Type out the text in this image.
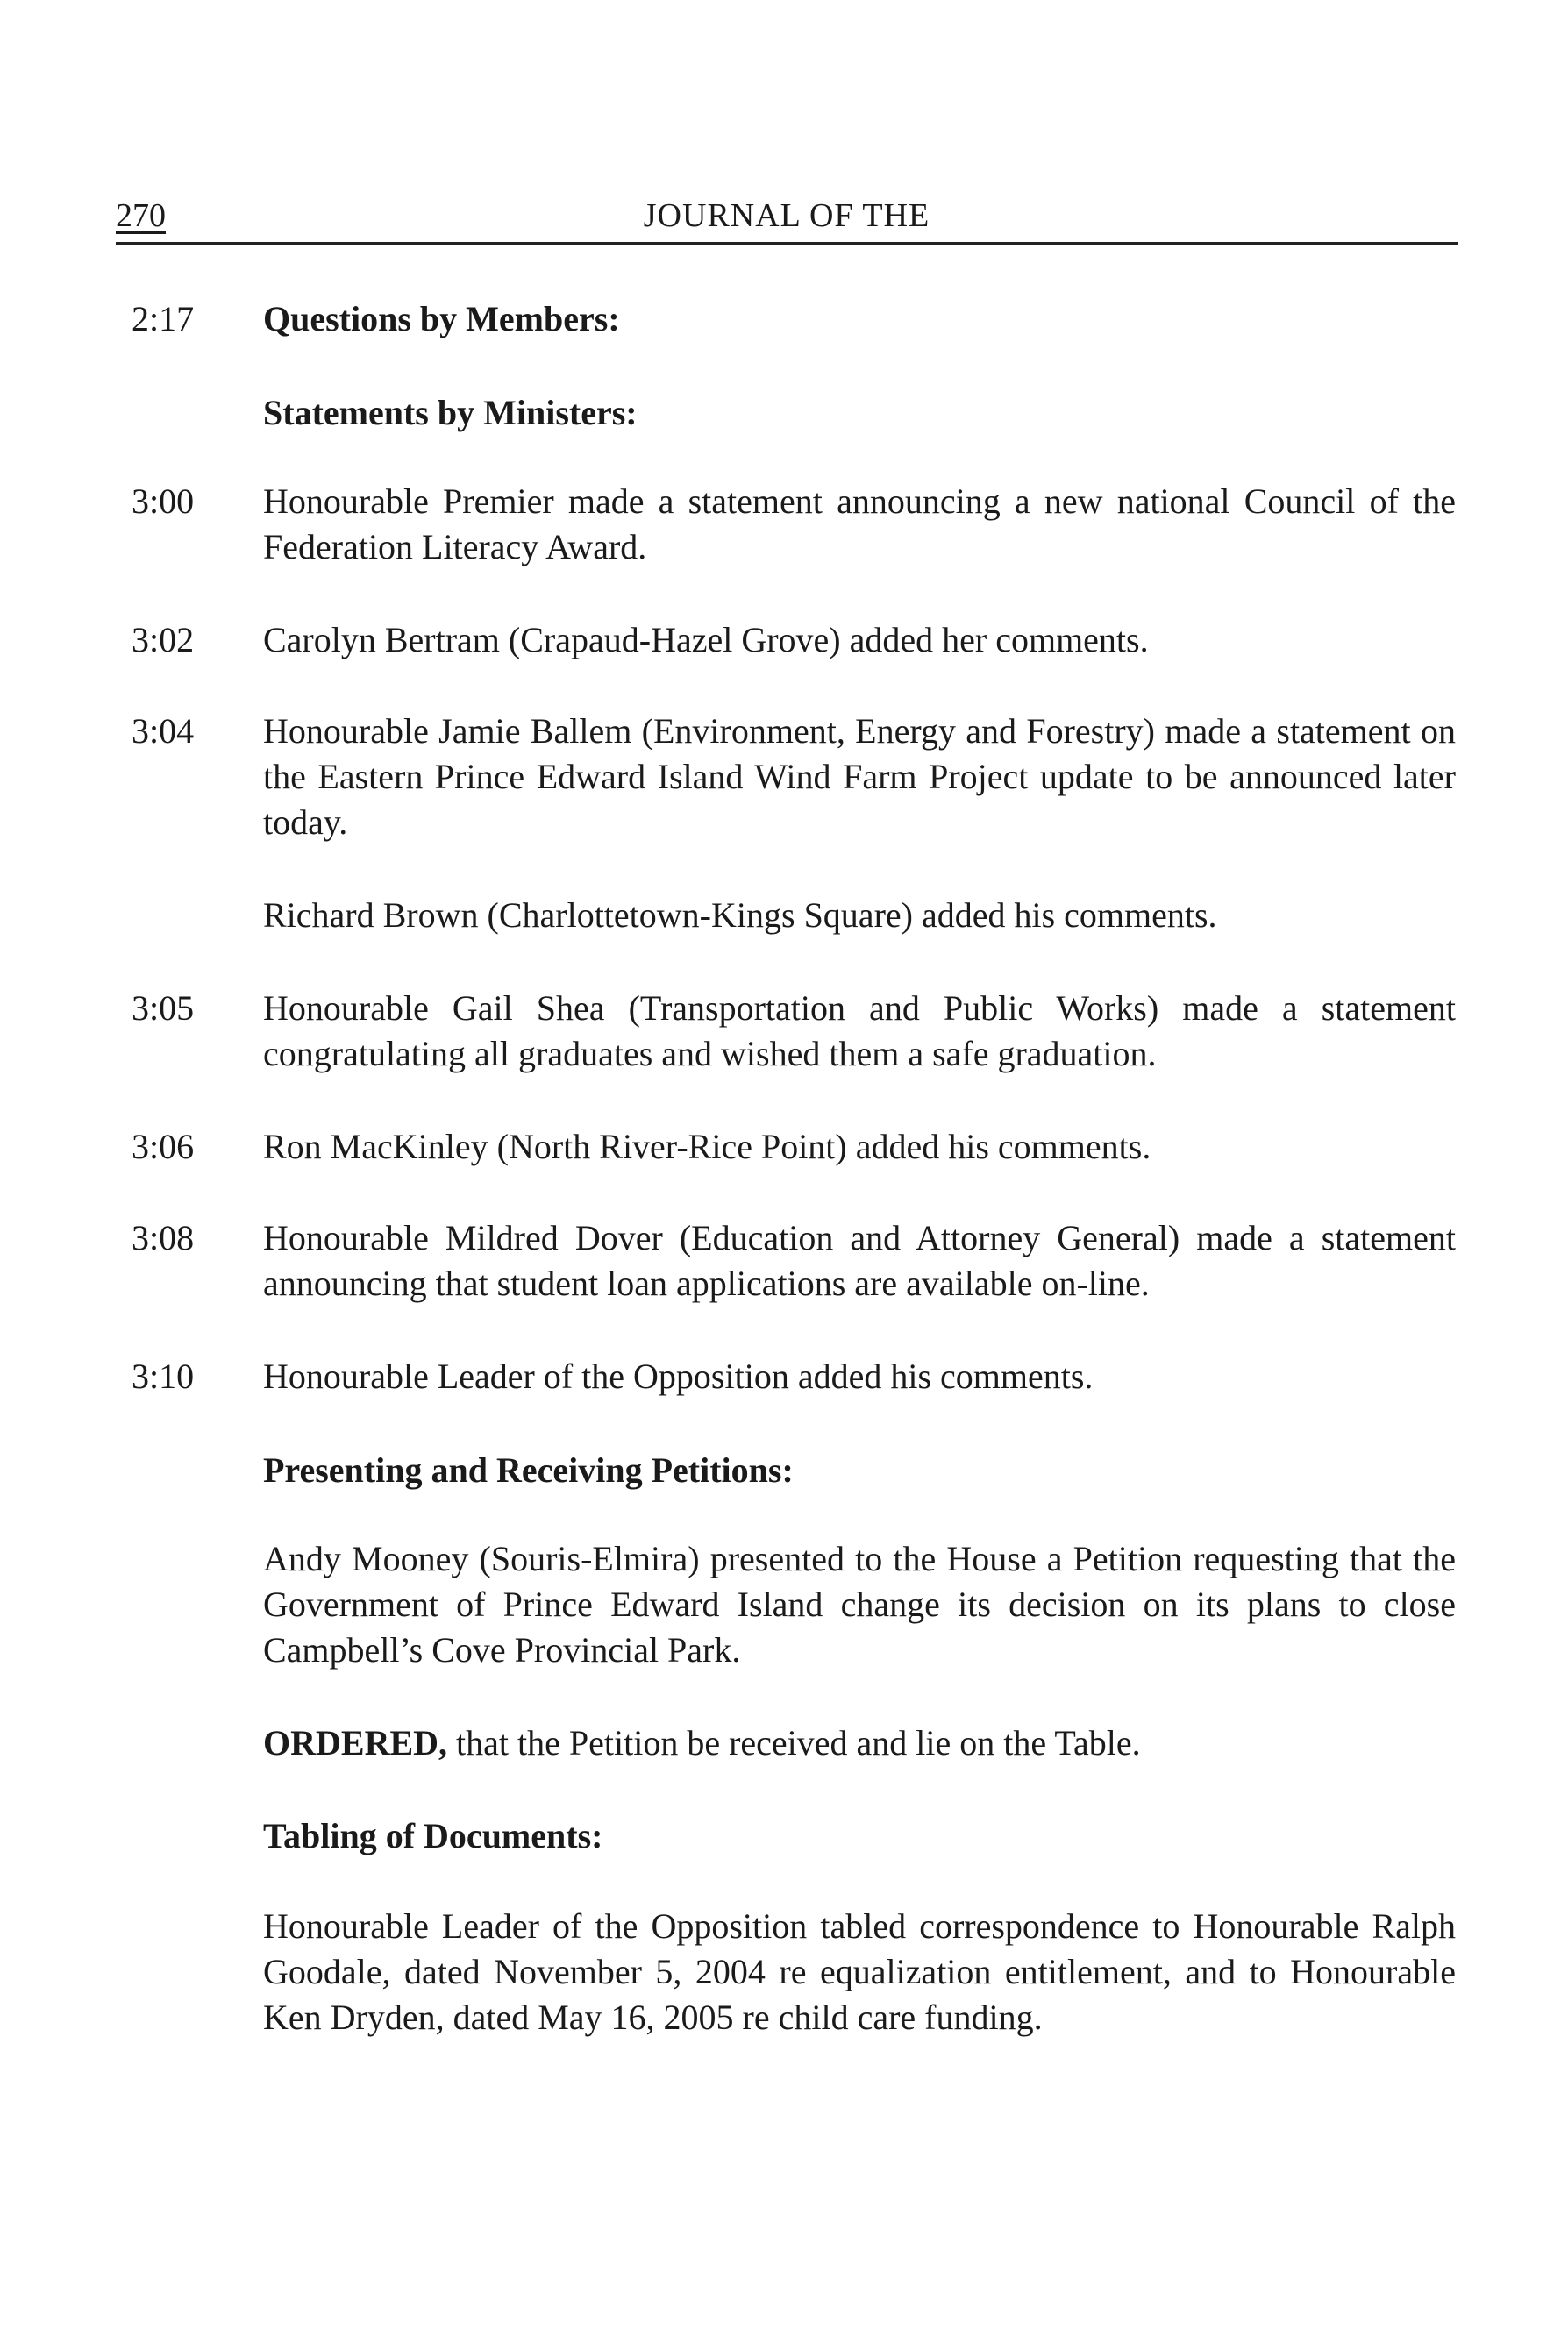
270	JOURNAL OF THE
2:17 Questions by Members:
Statements by Ministers:
3:00 Honourable Premier made a statement announcing a new national Council of the Federation Literacy Award.
3:02 Carolyn Bertram (Crapaud-Hazel Grove) added her comments.
3:04 Honourable Jamie Ballem (Environment, Energy and Forestry) made a statement on the Eastern Prince Edward Island Wind Farm Project update to be announced later today.
Richard Brown (Charlottetown-Kings Square) added his comments.
3:05 Honourable Gail Shea (Transportation and Public Works) made a statement congratulating all graduates and wished them a safe graduation.
3:06 Ron MacKinley (North River-Rice Point) added his comments.
3:08 Honourable Mildred Dover (Education and Attorney General) made a statement announcing that student loan applications are available on-line.
3:10 Honourable Leader of the Opposition added his comments.
Presenting and Receiving Petitions:
Andy Mooney (Souris-Elmira) presented to the House a Petition requesting that the Government of Prince Edward Island change its decision on its plans to close Campbell’s Cove Provincial Park.
ORDERED, that the Petition be received and lie on the Table.
Tabling of Documents:
Honourable Leader of the Opposition tabled correspondence to Honourable Ralph Goodale, dated November 5, 2004 re equalization entitlement, and to Honourable Ken Dryden, dated May 16, 2005 re child care funding.
